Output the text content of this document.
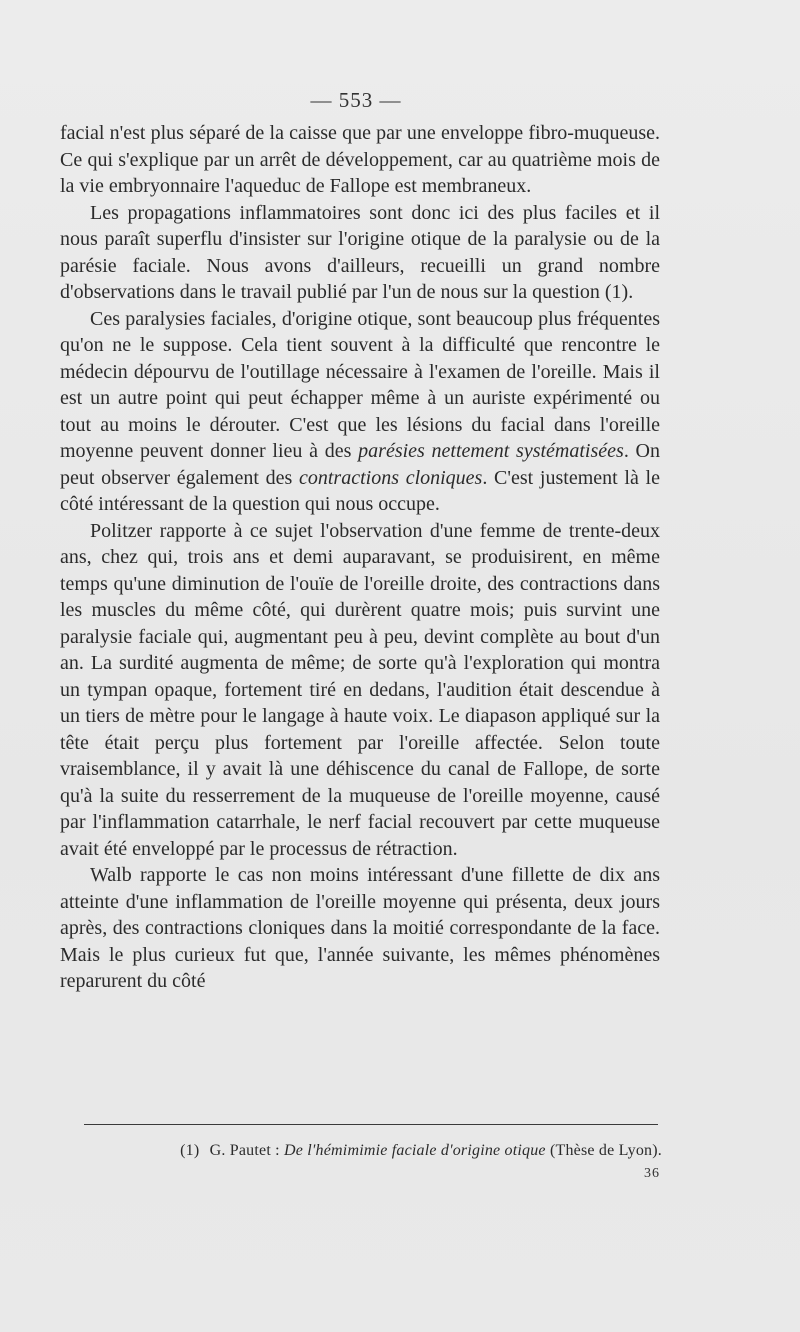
— 553 —

facial n'est plus séparé de la caisse que par une enveloppe fibro-muqueuse. Ce qui s'explique par un arrêt de développement, car au quatrième mois de la vie embryonnaire l'aqueduc de Fallope est membraneux.

Les propagations inflammatoires sont donc ici des plus faciles et il nous paraît superflu d'insister sur l'origine otique de la paralysie ou de la parésie faciale. Nous avons d'ailleurs, recueilli un grand nombre d'observations dans le travail publié par l'un de nous sur la question (1).

Ces paralysies faciales, d'origine otique, sont beaucoup plus fréquentes qu'on ne le suppose. Cela tient souvent à la difficulté que rencontre le médecin dépourvu de l'outillage nécessaire à l'examen de l'oreille. Mais il est un autre point qui peut échapper même à un auriste expérimenté ou tout au moins le dérouter. C'est que les lésions du facial dans l'oreille moyenne peuvent donner lieu à des parésies nettement systématisées. On peut observer également des contractions cloniques. C'est justement là le côté intéressant de la question qui nous occupe.

Politzer rapporte à ce sujet l'observation d'une femme de trente-deux ans, chez qui, trois ans et demi auparavant, se produisirent, en même temps qu'une diminution de l'ouïe de l'oreille droite, des contractions dans les muscles du même côté, qui durèrent quatre mois; puis survint une paralysie faciale qui, augmentant peu à peu, devint complète au bout d'un an. La surdité augmenta de même; de sorte qu'à l'exploration qui montra un tympan opaque, fortement tiré en dedans, l'audition était descendue à un tiers de mètre pour le langage à haute voix. Le diapason appliqué sur la tête était perçu plus fortement par l'oreille affectée. Selon toute vraisemblance, il y avait là une déhiscence du canal de Fallope, de sorte qu'à la suite du resserrement de la muqueuse de l'oreille moyenne, causé par l'inflammation catarrhale, le nerf facial recouvert par cette muqueuse avait été enveloppé par le processus de rétraction.

Walb rapporte le cas non moins intéressant d'une fillette de dix ans atteinte d'une inflammation de l'oreille moyenne qui présenta, deux jours après, des contractions cloniques dans la moitié correspondante de la face. Mais le plus curieux fut que, l'année suivante, les mêmes phénomènes reparurent du côté

(1) G. Pautet : De l'hémimimie faciale d'origine otique (Thèse de Lyon).
36
